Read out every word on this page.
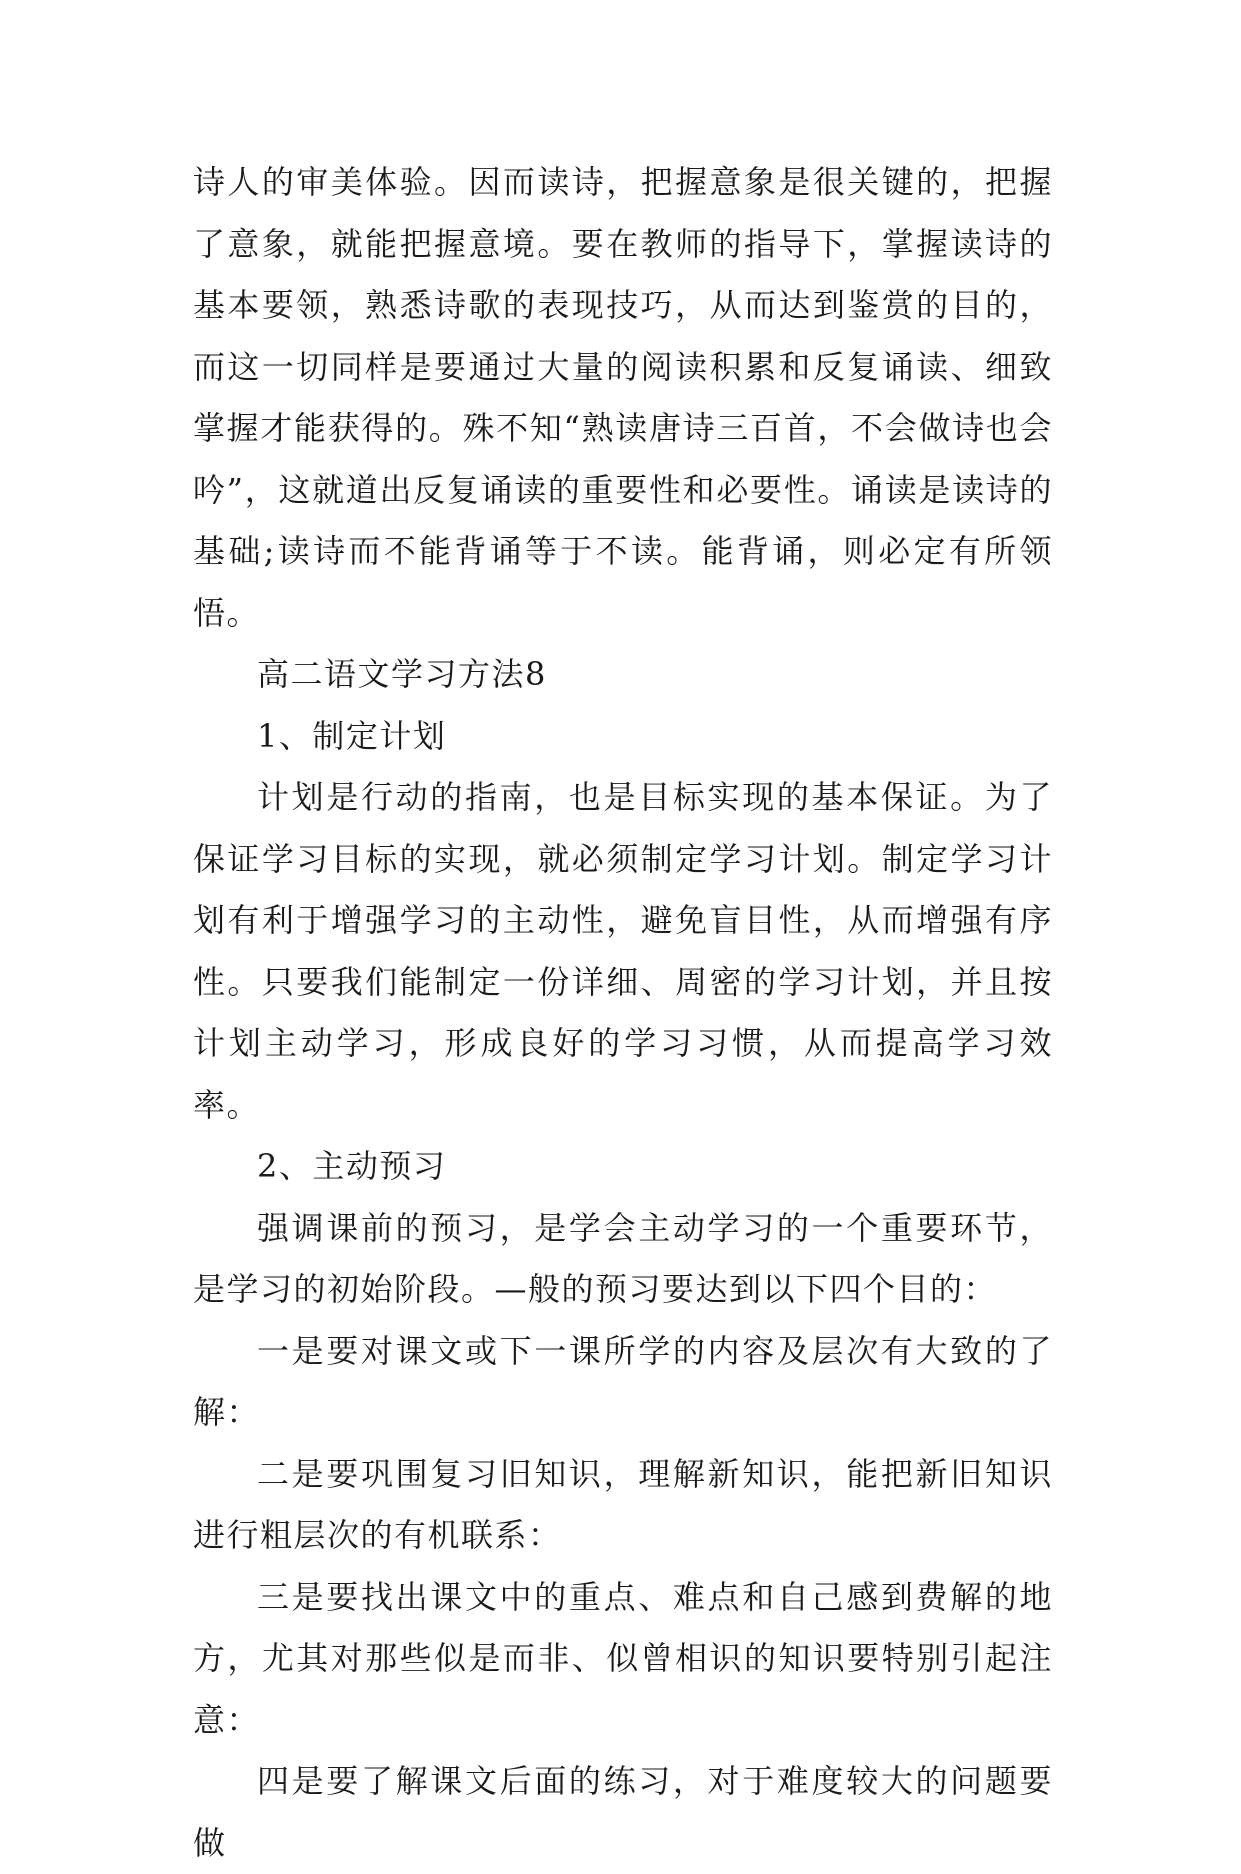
诗人的审美体验。因而读诗，把握意象是很关键的，把握了意象，就能把握意境。要在教师的指导下，掌握读诗的基本要领，熟悉诗歌的表现技巧，从而达到鉴赏的目的，而这一切同样是要通过大量的阅读积累和反复诵读、细致掌握才能获得的。殊不知“熟读唐诗三百首，不会做诗也会吟”，这就道出反复诵读的重要性和必要性。诵读是读诗的基础;读诗而不能背诵等于不读。能背诵，则必定有所领悟。

高二语文学习方法8

1、制定计划

计划是行动的指南，也是目标实现的基本保证。为了保证学习目标的实现，就必须制定学习计划。制定学习计划有利于增强学习的主动性，避免盲目性，从而增强有序性。只要我们能制定一份详细、周密的学习计划，并且按计划主动学习，形成良好的学习习惯，从而提高学习效率。

2、主动预习

强调课前的预习，是学会主动学习的一个重要环节，是学习的初始阶段。—般的预习要达到以下四个目的：

一是要对课文或下一课所学的内容及层次有大致的了解：

二是要巩围复习旧知识，理解新知识，能把新旧知识进行粗层次的有机联系：

三是要找出课文中的重点、难点和自己感到费解的地方，尤其对那些似是而非、似曾相识的知识要特别引起注意：

四是要了解课文后面的练习，对于难度较大的问题要做
